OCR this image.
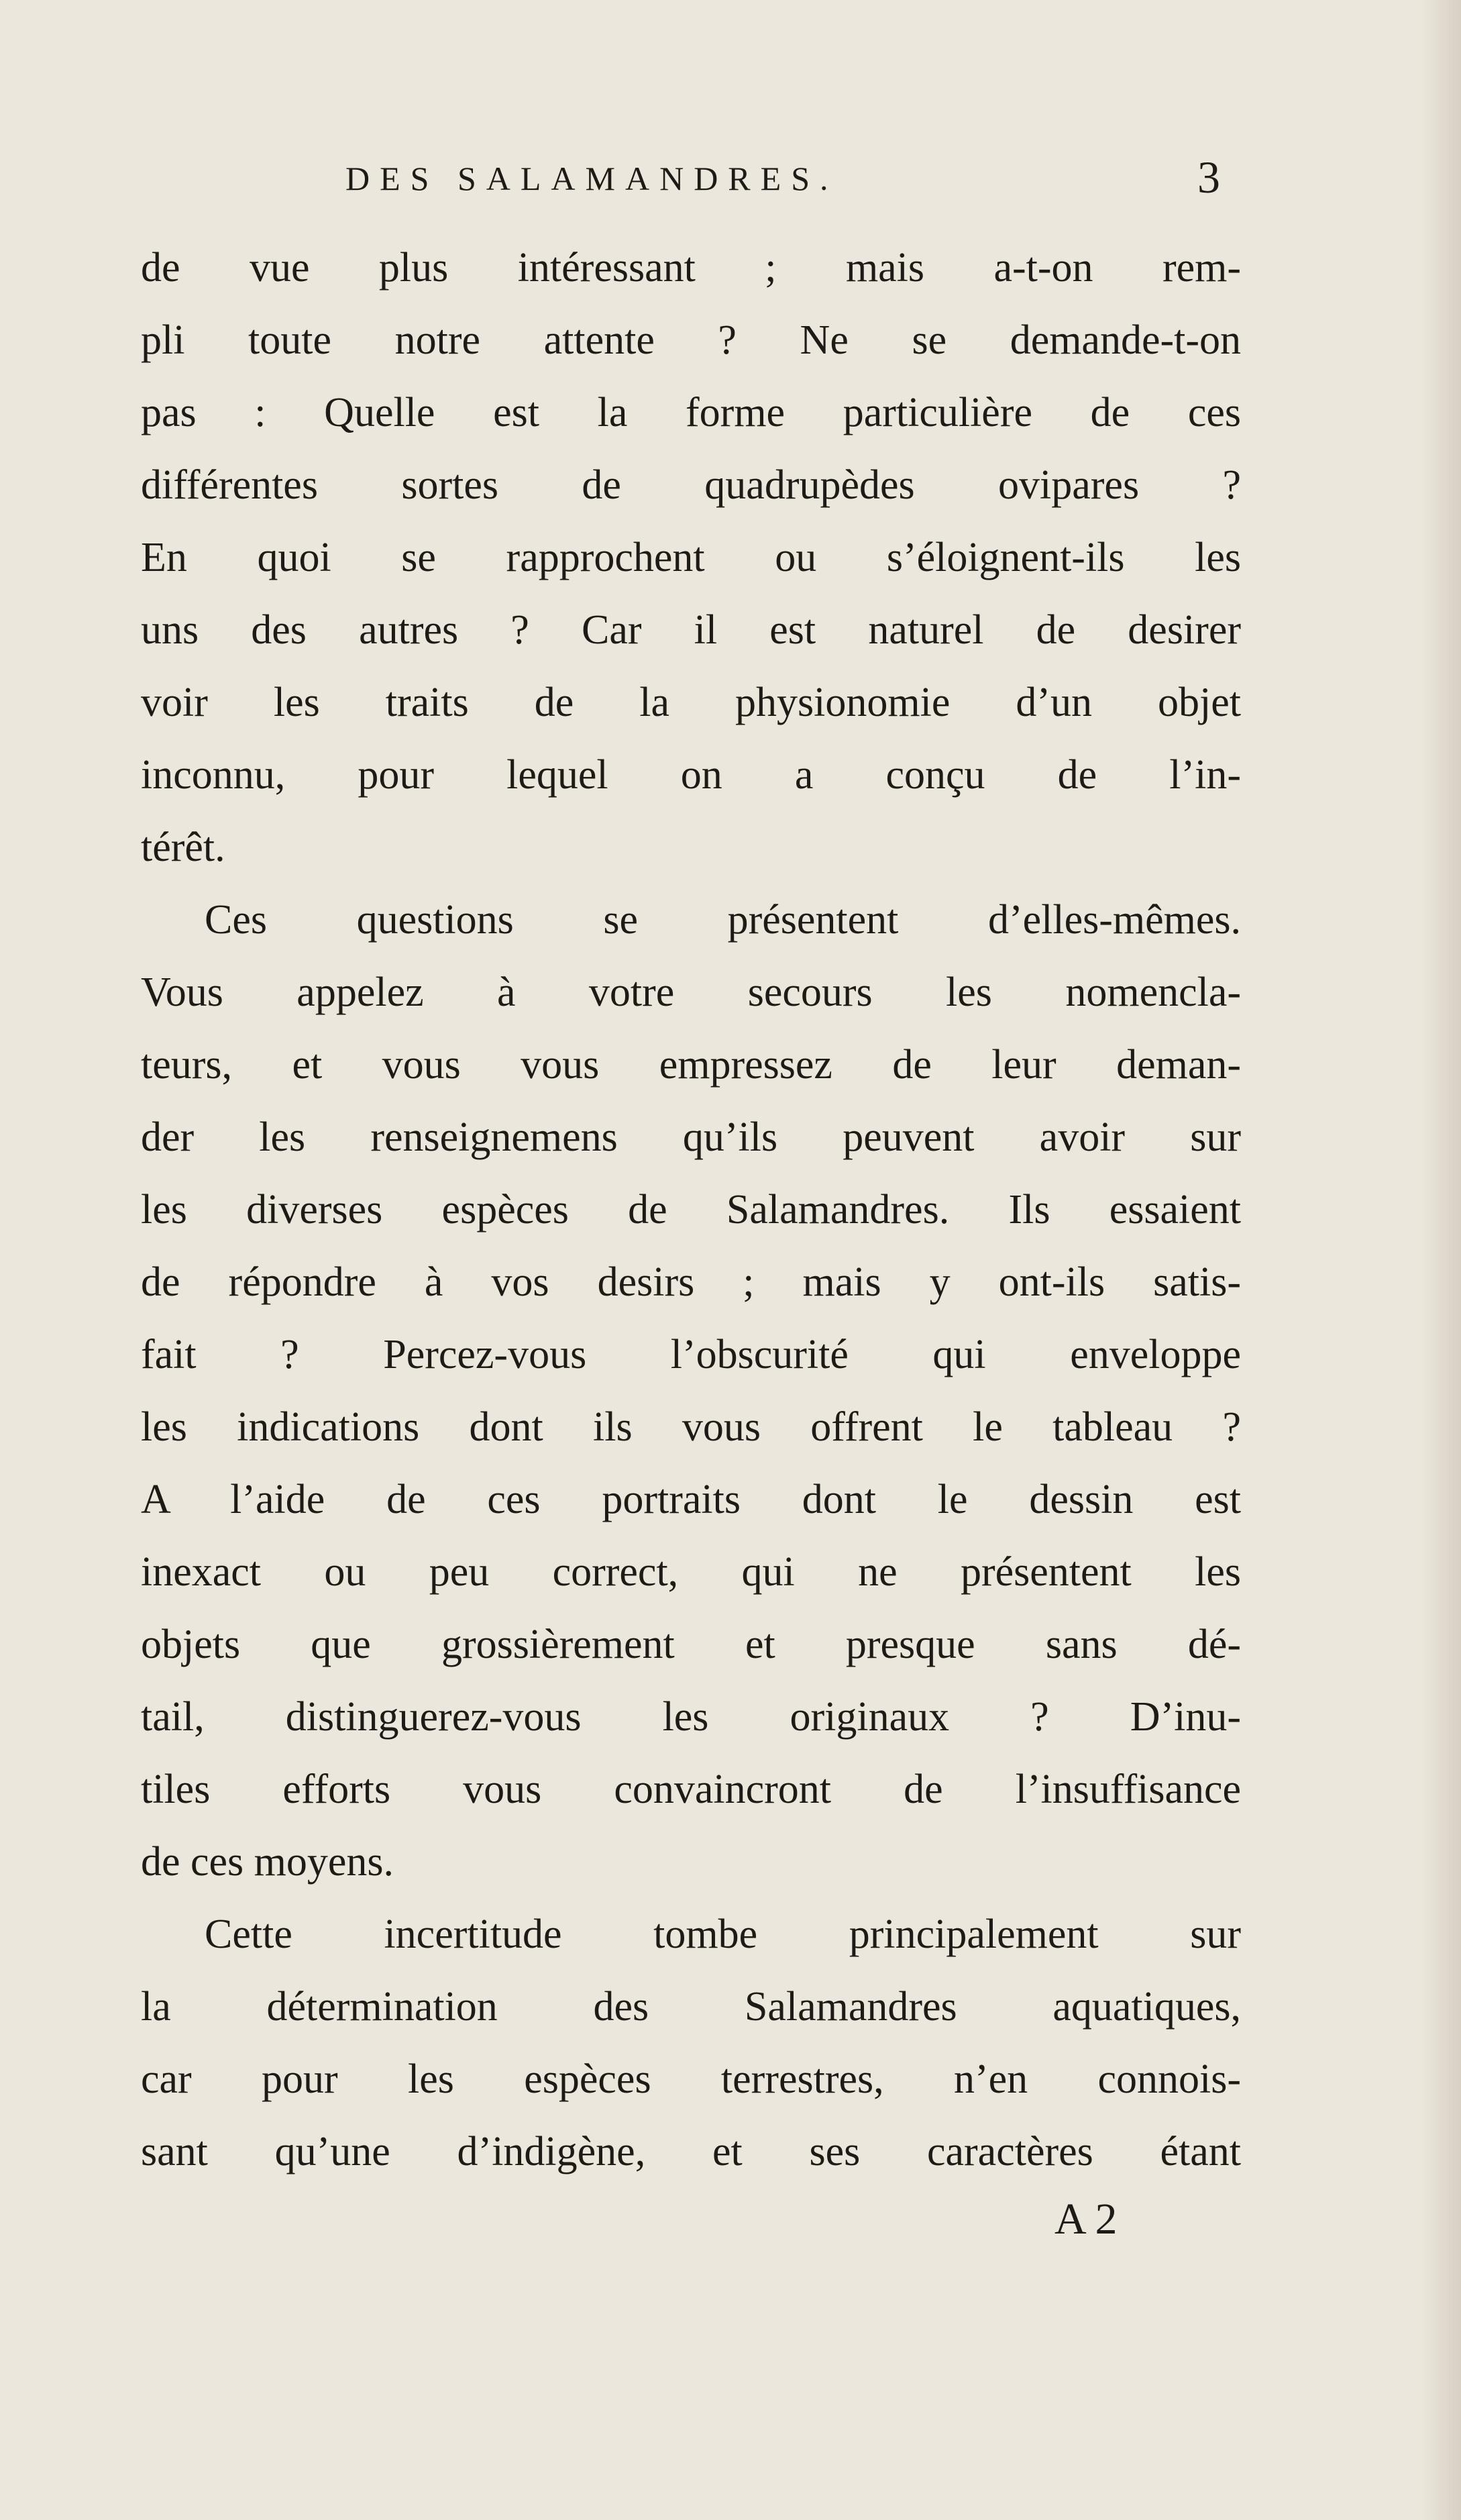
DES SALAMANDRES.	3
de vue plus intéressant ; mais a-t-on rem-
pli toute notre attente ? Ne se demande-t-on
pas : Quelle est la forme particulière de ces
différentes sortes de quadrupèdes ovipares ?
En quoi se rapprochent ou s’éloignent-ils les
uns des autres ? Car il est naturel de desirer
voir les traits de la physionomie d’un objet
inconnu, pour lequel on a conçu de l’in-
térêt.
Ces questions se présentent d’elles-mêmes.
Vous appelez à votre secours les nomencla-
teurs, et vous vous empressez de leur deman-
der les renseignemens qu’ils peuvent avoir sur
les diverses espèces de Salamandres. Ils essaient
de répondre à vos desirs ; mais y ont-ils satis-
fait ? Percez-vous l’obscurité qui enveloppe
les indications dont ils vous offrent le tableau ?
A l’aide de ces portraits dont le dessin est
inexact ou peu correct, qui ne présentent les
objets que grossièrement et presque sans dé-
tail, distinguerez-vous les originaux ? D’inu-
tiles efforts vous convaincront de l’insuffisance
de ces moyens.
Cette incertitude tombe principalement sur
la détermination des Salamandres aquatiques,
car pour les espèces terrestres, n’en connois-
sant qu’une d’indigène, et ses caractères étant
A 2
